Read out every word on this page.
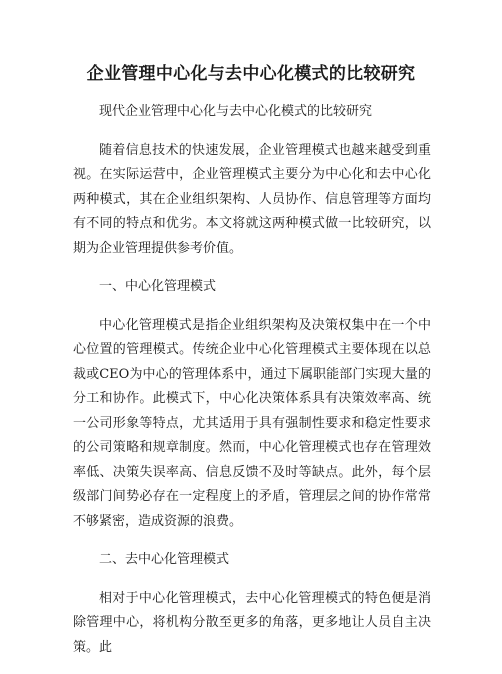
企业管理中心化与去中心化模式的比较研究

现代企业管理中心化与去中心化模式的比较研究

随着信息技术的快速发展，企业管理模式也越来越受到重视。在实际运营中，企业管理模式主要分为中心化和去中心化两种模式，其在企业组织架构、人员协作、信息管理等方面均有不同的特点和优劣。本文将就这两种模式做一比较研究，以期为企业管理提供参考价值。

一、中心化管理模式

中心化管理模式是指企业组织架构及决策权集中在一个中心位置的管理模式。传统企业中心化管理模式主要体现在以总裁或CEO为中心的管理体系中，通过下属职能部门实现大量的分工和协作。此模式下，中心化决策体系具有决策效率高、统一公司形象等特点，尤其适用于具有强制性要求和稳定性要求的公司策略和规章制度。然而，中心化管理模式也存在管理效率低、决策失误率高、信息反馈不及时等缺点。此外，每个层级部门间势必存在一定程度上的矛盾，管理层之间的协作常常不够紧密，造成资源的浪费。

二、去中心化管理模式

相对于中心化管理模式，去中心化管理模式的特色便是消除管理中心，将机构分散至更多的角落，更多地让人员自主决策。此
